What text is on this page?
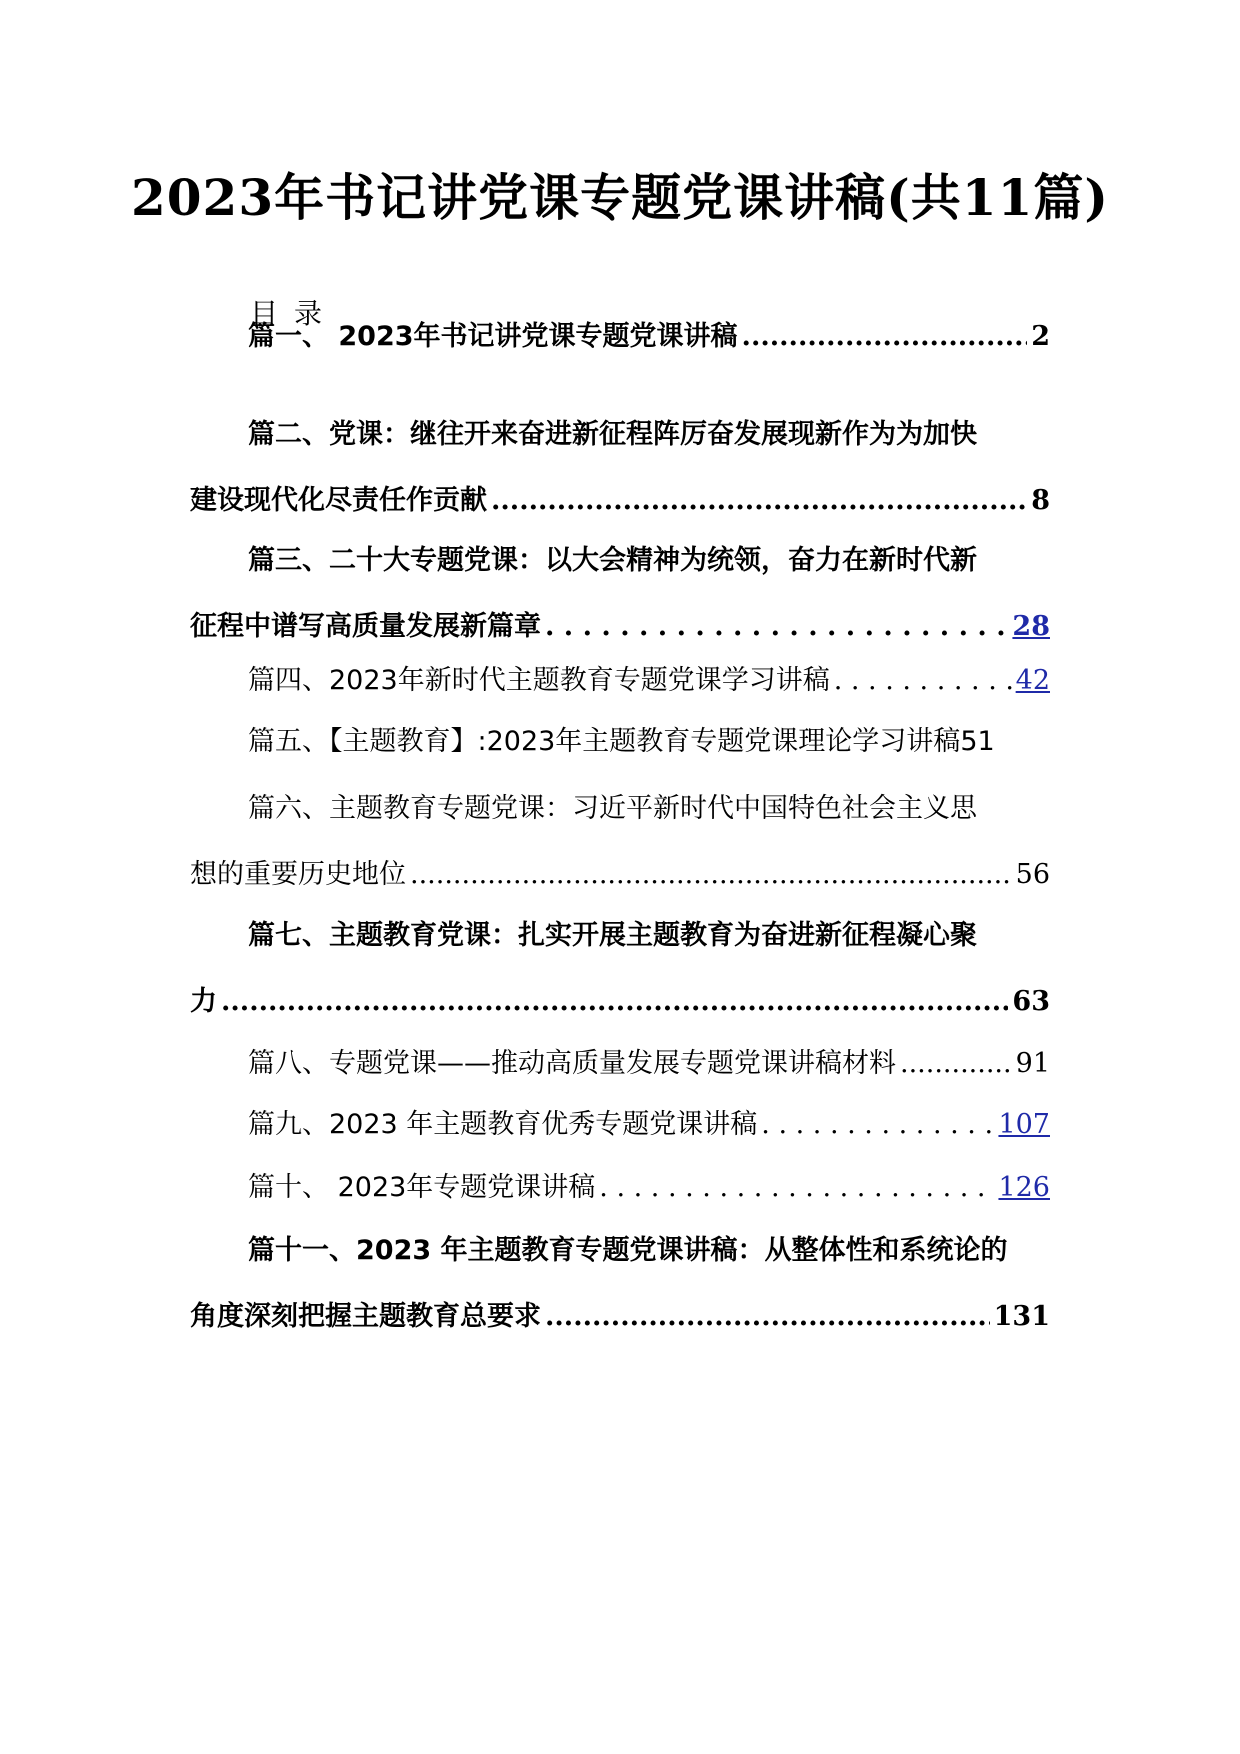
2023年书记讲党课专题党课讲稿(共11篇)
目录
篇一、 2023年书记讲党课专题党课讲稿 .....	2
篇二、党课：继往开来奋进新征程阵厉奋发展现新作为为加快
建设现代化尽责任作贡献 .....	8
篇三、二十大专题党课：以大会精神为统领，奋力在新时代新
征程中谱写高质量发展新篇章 . . .	28
篇四、2023年新时代主题教育专题党课学习讲稿 . . .	42
篇五、【主题教育】:2023年主题教育专题党课理论学习讲稿 51
篇六、主题教育专题党课：习近平新时代中国特色社会主义思
想的重要历史地位 .....	56
篇七、主题教育党课：扎实开展主题教育为奋进新征程凝心聚
力 .....	63
篇八、专题党课——推动高质量发展专题党课讲稿材料 .....	91
篇九、2023 年主题教育优秀专题党课讲稿 . . .	107
篇十、 2023年专题党课讲稿 . . .	126
篇十一、2023 年主题教育专题党课讲稿：从整体性和系统论的
角度深刻把握主题教育总要求 .....	131
